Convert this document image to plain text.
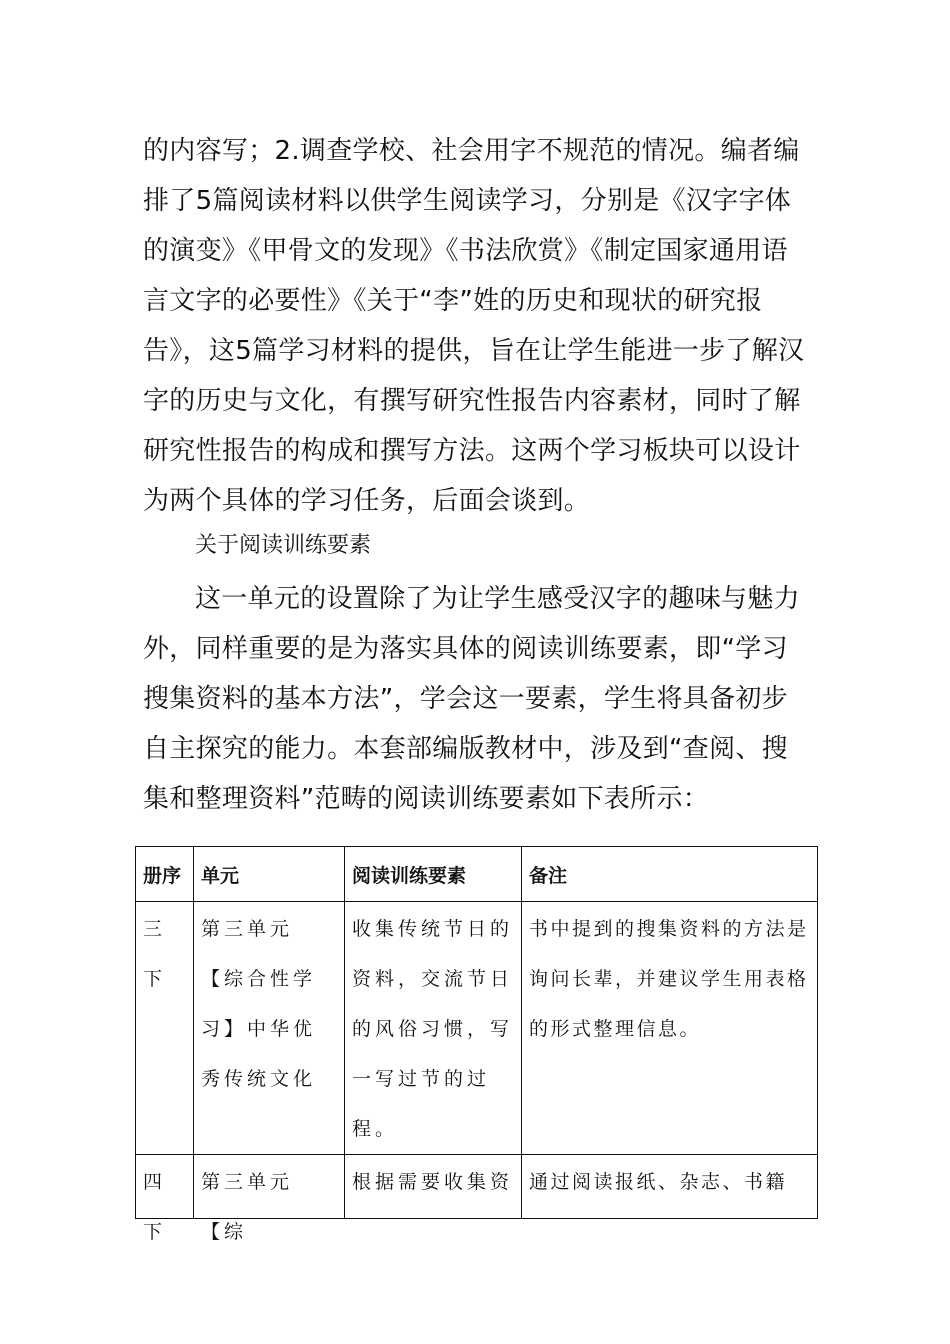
的内容写；2.调查学校、社会用字不规范的情况。编者编排了5篇阅读材料以供学生阅读学习，分别是《汉字字体的演变》《甲骨文的发现》《书法欣赏》《制定国家通用语言文字的必要性》《关于“李”姓的历史和现状的研究报告》，这5篇学习材料的提供，旨在让学生能进一步了解汉字的历史与文化，有撰写研究性报告内容素材，同时了解研究性报告的构成和撰写方法。这两个学习板块可以设计为两个具体的学习任务，后面会谈到。

关于阅读训练要素

这一单元的设置除了为让学生感受汉字的趣味与魅力外，同样重要的是为落实具体的阅读训练要素，即“学习搜集资料的基本方法”，学会这一要素，学生将具备初步自主探究的能力。本套部编版教材中，涉及到“查阅、搜集和整理资料”范畴的阅读训练要素如下表所示：

册序	单元	阅读训练要素	备注
三下	第三单元【综合性学习】中华优秀传统文化	收集传统节日的资料，交流节日的风俗习惯，写一写过节的过程。	书中提到的搜集资料的方法是询问长辈，并建议学生用表格的形式整理信息。

四下	第三单元【综	根据需要收集资	通过阅读报纸、杂志、书籍
